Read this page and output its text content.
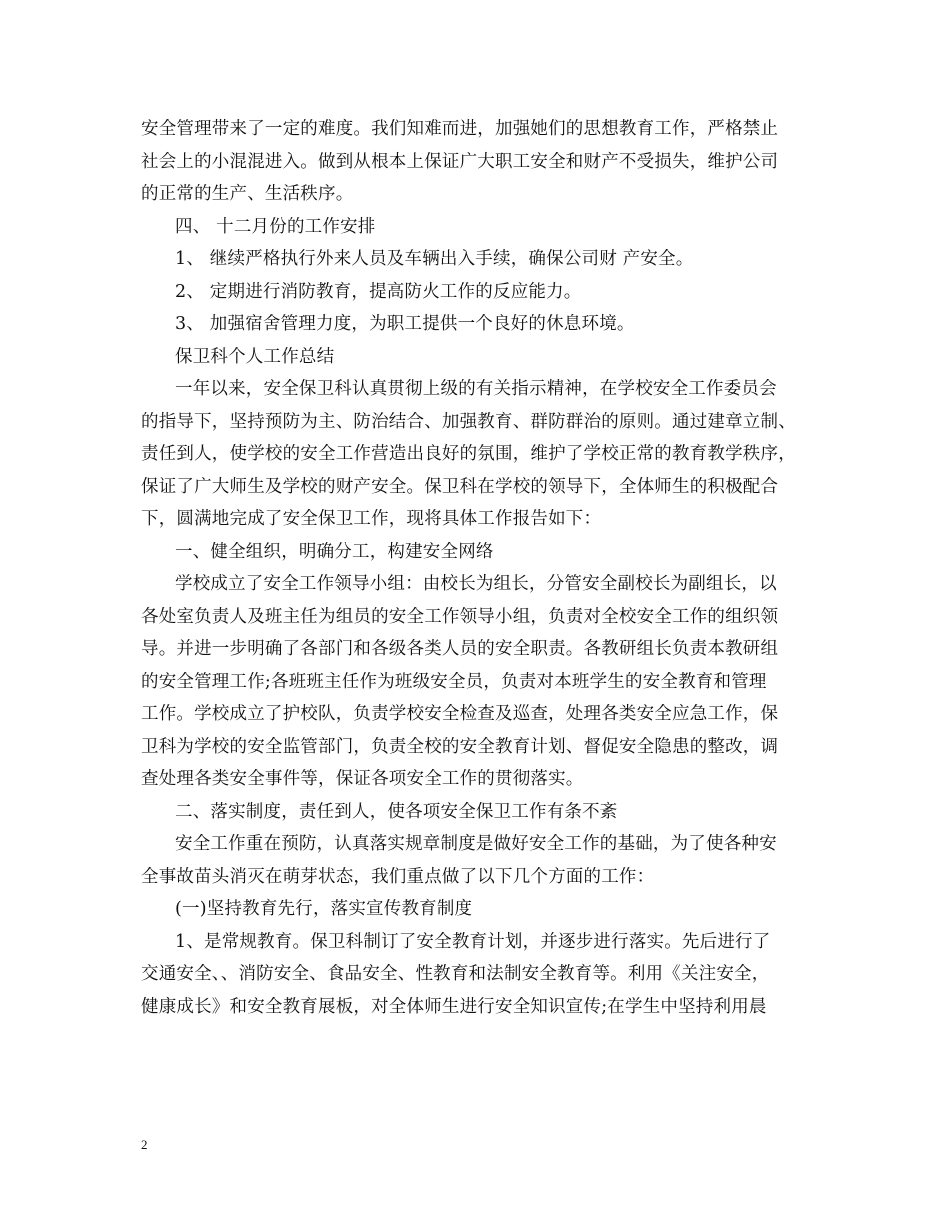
安全管理带来了一定的难度。我们知难而进，加强她们的思想教育工作，严格禁止
社会上的小混混进入。做到从根本上保证广大职工安全和财产不受损失，维护公司
的正常的生产、生活秩序。
四、 十二月份的工作安排
1、 继续严格执行外来人员及车辆出入手续，确保公司财 产安全。
2、 定期进行消防教育，提高防火工作的反应能力。
3、 加强宿舍管理力度，为职工提供一个良好的休息环境。
保卫科个人工作总结
一年以来，安全保卫科认真贯彻上级的有关指示精神，在学校安全工作委员会
的指导下，坚持预防为主、防治结合、加强教育、群防群治的原则。通过建章立制、
责任到人，使学校的安全工作营造出良好的氛围，维护了学校正常的教育教学秩序，
保证了广大师生及学校的财产安全。保卫科在学校的领导下，全体师生的积极配合
下，圆满地完成了安全保卫工作，现将具体工作报告如下：
一、健全组织，明确分工，构建安全网络
学校成立了安全工作领导小组：由校长为组长，分管安全副校长为副组长，以
各处室负责人及班主任为组员的安全工作领导小组，负责对全校安全工作的组织领
导。并进一步明确了各部门和各级各类人员的安全职责。各教研组长负责本教研组
的安全管理工作;各班班主任作为班级安全员，负责对本班学生的安全教育和管理
工作。学校成立了护校队，负责学校安全检查及巡查，处理各类安全应急工作，保
卫科为学校的安全监管部门，负责全校的安全教育计划、督促安全隐患的整改，调
查处理各类安全事件等，保证各项安全工作的贯彻落实。
二、落实制度，责任到人，使各项安全保卫工作有条不紊
安全工作重在预防，认真落实规章制度是做好安全工作的基础，为了使各种安
全事故苗头消灭在萌芽状态，我们重点做了以下几个方面的工作：
(一)坚持教育先行，落实宣传教育制度
1、是常规教育。保卫科制订了安全教育计划，并逐步进行落实。先后进行了
交通安全、、消防安全、食品安全、性教育和法制安全教育等。利用《关注安全，
健康成长》和安全教育展板，对全体师生进行安全知识宣传;在学生中坚持利用晨
2
